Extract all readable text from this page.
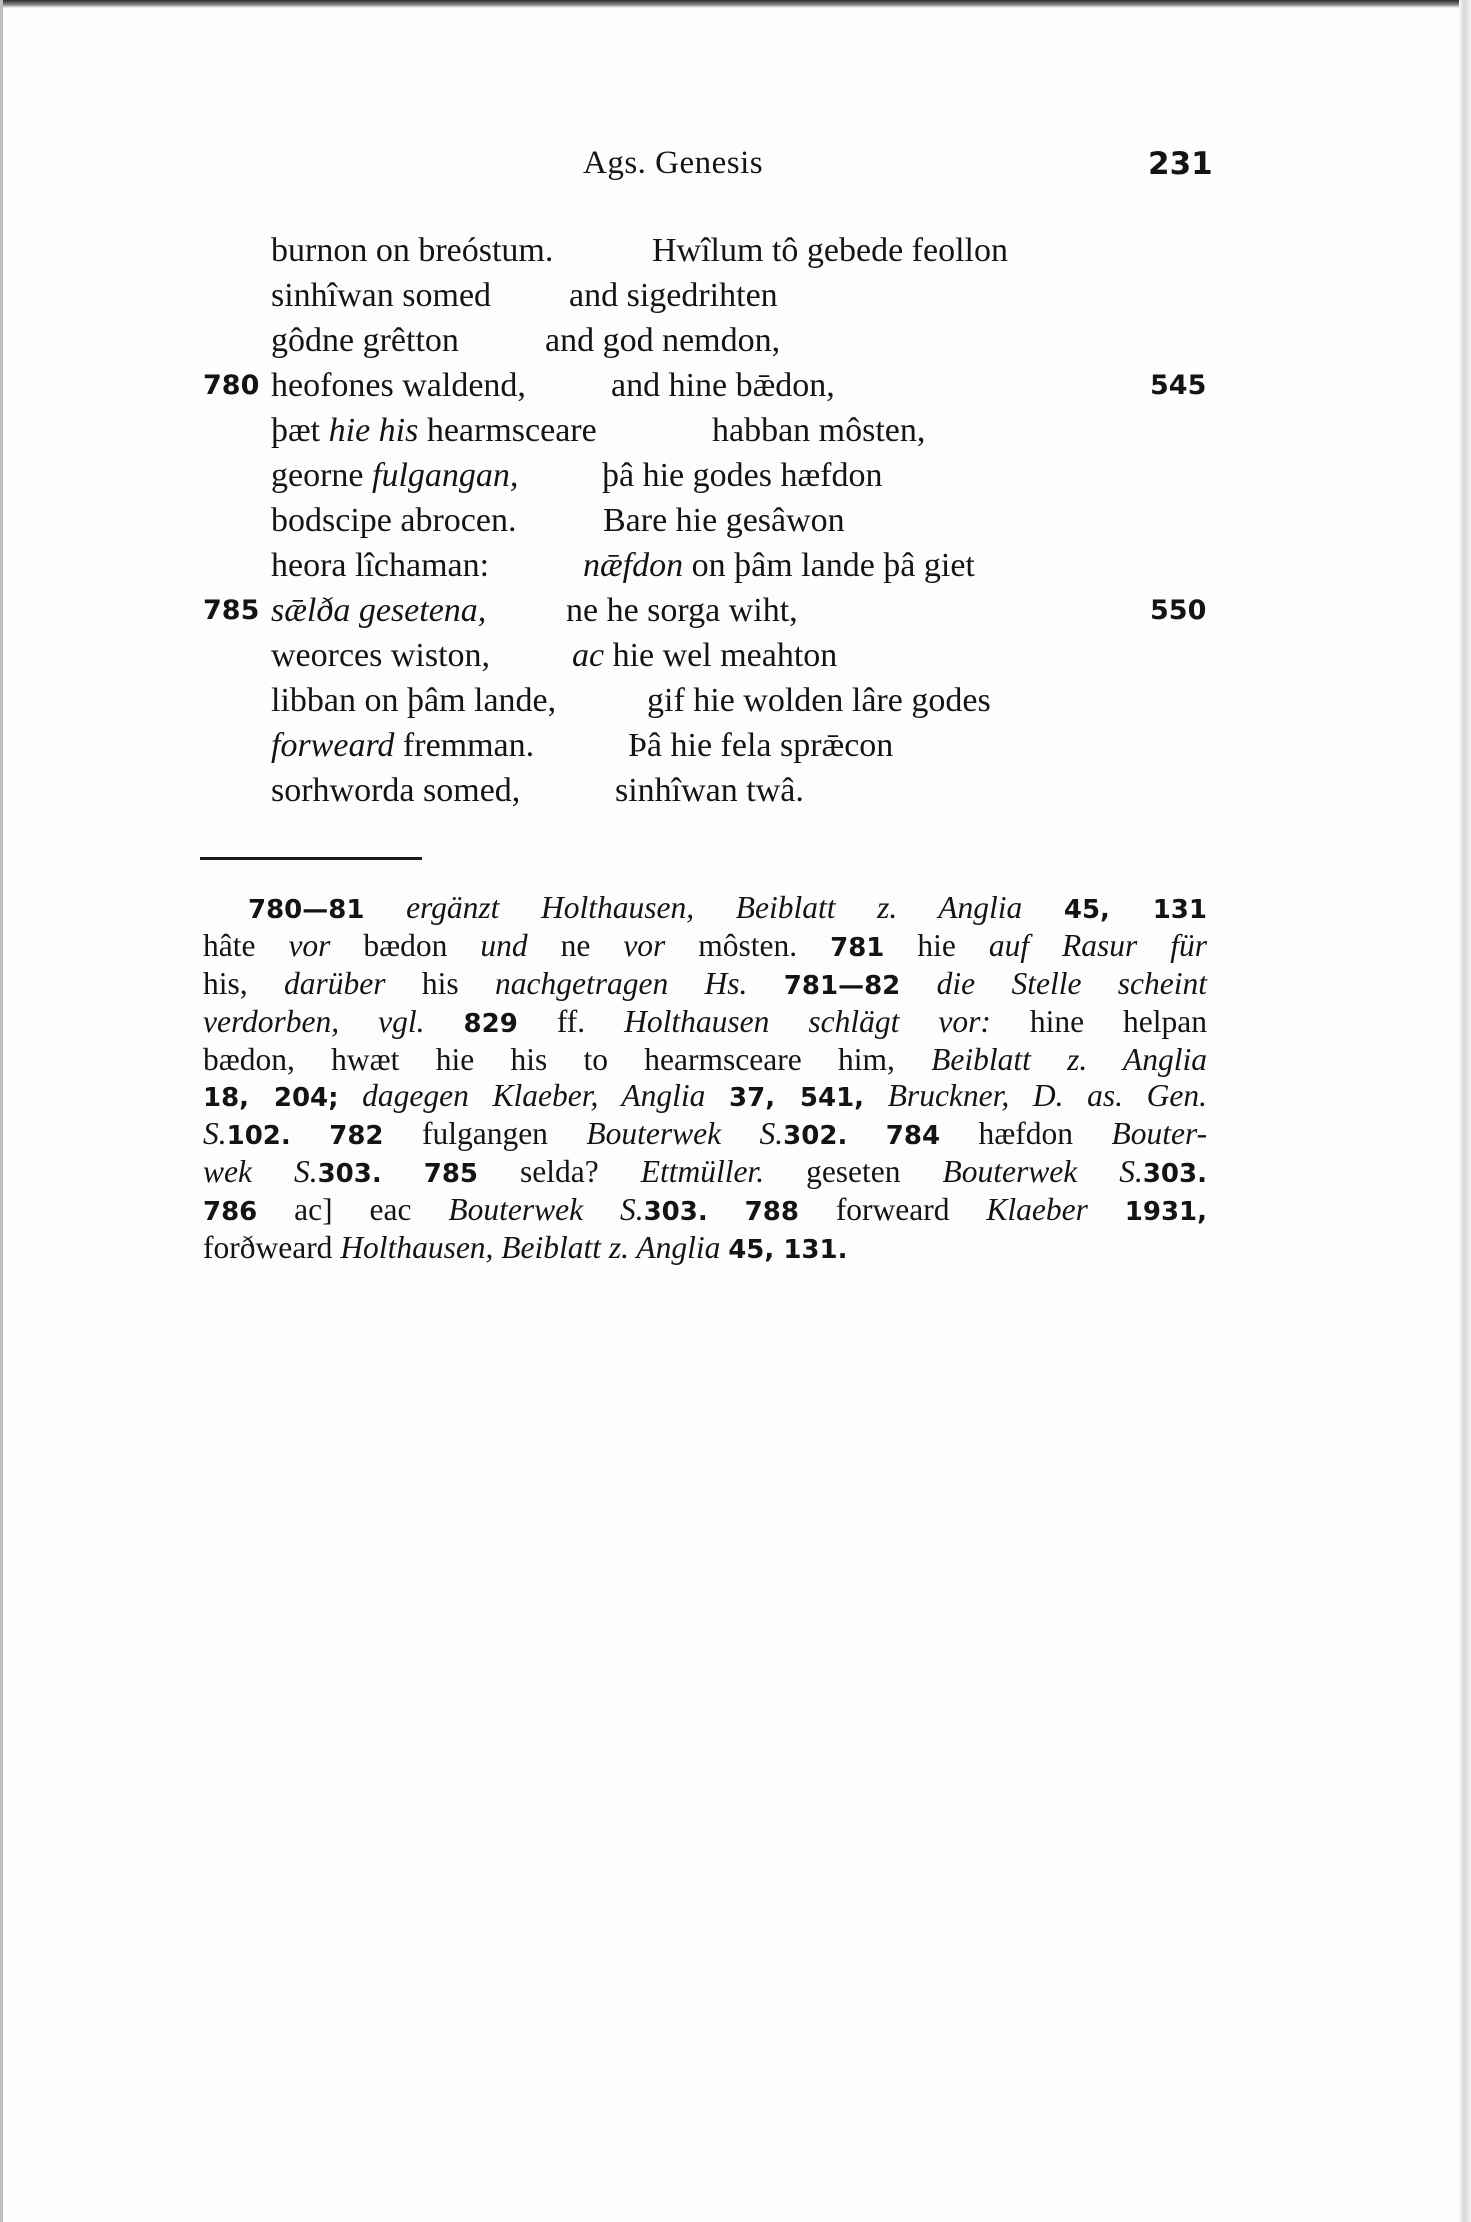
Ags. Genesis	231
burnon on breóstum.	Hwîlum tô gebede feollon
sinhîwan somed and sigedrihten
gôdne grêtton	and god nemdon,
780 heofones waldend,	and hine bǣdon,	545
þæt hie his hearmsceare	habban môsten,
georne fulgangan, þâ hie godes hæfdon
bodscipe abrocen.	Bare hie gesâwon
heora lîchaman:	nǣfdon on þâm lande þâ giet
785 sǣlða gesetena, ne he sorga wiht,	550
weorces wiston, ac hie wel meahton
libban on þâm lande,	gif hie wolden lâre godes
forweard fremman.	Þâ hie fela sprǣcon
sorhworda somed,	sinhîwan twâ.
780—81 ergänzt Holthausen, Beiblatt z. Anglia 45, 131
hâte vor bædon und ne vor môsten. 781 hie auf Rasur für
his, darüber his nachgetragen Hs. 781—82 die Stelle scheint
verdorben, vgl. 829 ff. Holthausen schlägt vor: hine helpan
bædon, hwæt hie his to hearmsceare him, Beiblatt z. Anglia
18, 204; dagegen Klaeber, Anglia 37, 541, Bruckner, D. as. Gen.
S.102. 782 fulgangen Bouterwek S.302. 784 hæfdon Bouter-
wek S.303. 785 selda? Ettmüller. geseten Bouterwek S.303.
786 ac] eac Bouterwek S.303. 788 forweard Klaeber 1931,
forðweard Holthausen, Beiblatt z. Anglia 45, 131.
